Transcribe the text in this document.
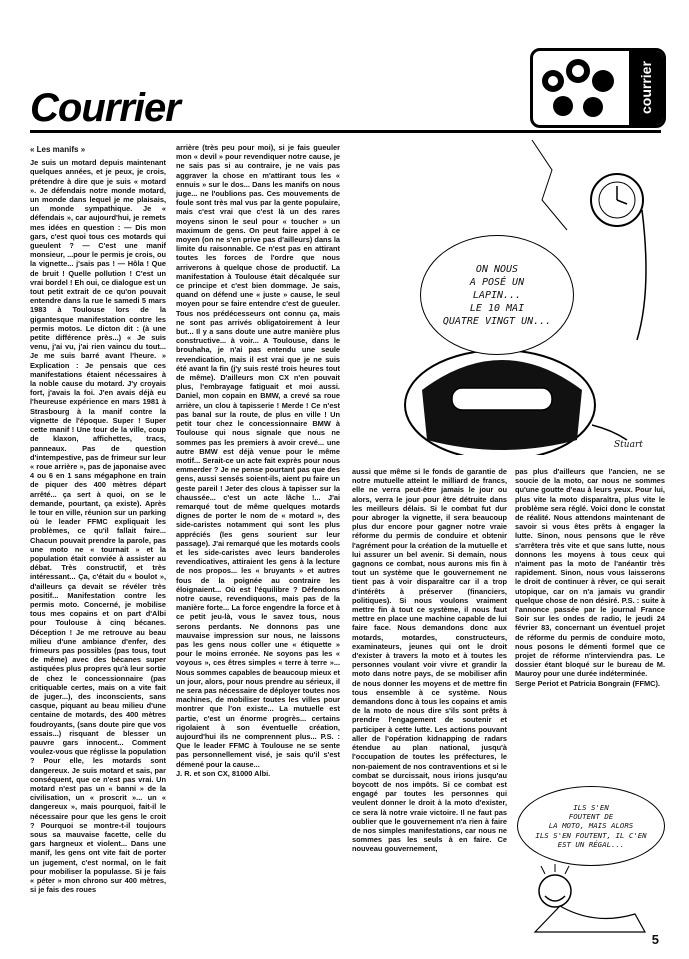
courrier
Courrier
« Les manifs »

Je suis un motard depuis maintenant quelques années, et je peux, je crois, prétendre à dire que je suis « motard ». Je défendais notre monde motard, un monde dans lequel je me plaisais, un monde sympathique. Je « défendais », car aujourd'hui, je remets mes idées en question : — Dis mon gars, c'est quoi tous ces motards qui gueulent ? — C'est une manif monsieur, ...pour le permis je crois, ou la vignette... j'sais pas ! — Hôla ! Que de bruit ! Quelle pollution ! C'est un vrai bordel ! Eh oui, ce dialogue est un tout petit extrait de ce qu'on pouvait entendre dans la rue le samedi 5 mars 1983 à Toulouse lors de la gigantesque manifestation contre les permis motos. Le dicton dit : (à une petite différence près...) « Je suis venu, j'ai vu, j'ai rien vaincu du tout... Je me suis barré avant l'heure. » Explication : Je pensais que ces manifestations étaient nécessaires à la noble cause du motard. J'y croyais fort, j'avais la foi. J'en avais déjà eu l'heureuse expérience en mars 1981 à Strasbourg à la manif contre la vignette de l'époque. Super ! Super cette manif ! Une tour de la ville, coup de klaxon, affichettes, tracs, panneaux. Pas de question d'intempestive, pas de frimeur sur leur « roue arrière », pas de japonaise avec 4 ou 6 en 1 sans mégaphone en train de piquer des 400 mètres départ arrêté... ça sert à quoi, on se le demande, pourtant, ça existe). Après le tour en ville, réunion sur un parking où le leader FFMC expliquait les problèmes, ce qu'il fallait faire... Chacun pouvait prendre la parole, pas une moto ne « tournait » et la population était conviée à assister au débat. Très constructif, et très intéressant... Ça, c'était du « boulot », d'ailleurs ça devait se révéler très positif... Manifestation contre les permis moto. Concerné, je mobilise tous mes copains et on part d'Albi pour Toulouse à cinq bécanes. Déception ! Je me retrouve au beau milieu d'une ambiance d'enfer, des frimeurs pas possibles (pas tous, tout de même) avec des bécanes super astiquées plus propres qu'à leur sortie de chez le concessionnaire (pas critiquable certes, mais on a vite fait de juger...), des inconscients, sans casque, piquant au beau milieu d'une centaine de motards, des 400 mètres foudroyants, (sans doute pire que vos essais...) risquant de blesser un pauvre gars innocent... Comment voulez-vous que réglisse la population ? Pour elle, les motards sont dangereux. Je suis motard et sais, par conséquent, que ce n'est pas vrai. Un motard n'est pas un « banni » de la civilisation, un « proscrit »... un « dangereux », mais pourquoi, fait-il le nécessaire pour que les gens le croit ? Pourquoi se montre-t-il toujours sous sa mauvaise facette, celle du gars hargneux et violent... Dans une manif, les gens ont vite fait de porter un jugement, c'est normal, on le fait pour mobiliser la populasse. Si je fais « péter » mon chrono sur 400 mètres, si je fais des roues

arrière (très peu pour moi), si je fais gueuler mon « devil » pour revendiquer notre cause, je ne sais pas si au contraire, je ne vais pas aggraver la chose en m'attirant tous les « ennuis » sur le dos... Dans les manifs on nous juge... ne l'oublions pas. Ces mouvements de foule sont très mal vus par la gente populaire, mais c'est vrai que c'est là un des rares moyens sinon le seul pour « toucher » un maximum de gens. On peut faire appel à ce moyen (on ne s'en prive pas d'ailleurs) dans la limite du raisonnable. Ce n'est pas en attirant toutes les forces de l'ordre que nous arriverons à quelque chose de productif. La manifestation à Toulouse était décalquée sur ce principe et c'est bien dommage. Je sais, quand on défend une « juste » cause, le seul moyen pour se faire entendre c'est de gueuler. Tous nos prédécesseurs ont connu ça, mais ne sont pas arrivés obligatoirement à leur but... Il y a sans doute une autre manière plus constructive... à voir... A Toulouse, dans le brouhaha, je n'ai pas entendu une seule revendication, mais il est vrai que je ne suis été avant la fin (j'y suis resté trois heures tout de même). D'ailleurs mon CX n'en pouvait plus, l'embrayage fatiguait et moi aussi. Daniel, mon copain en BMW, a crevé sa roue arrière, un clou à tapisserie ! Merde ! Ce n'est pas banal sur la route, de plus en ville ! Un petit tour chez le concessionnaire BMW à Toulouse qui nous signale que nous ne sommes pas les premiers à avoir crevé... une autre BMW est déjà venue pour le même motif... Serait-ce un acte fait exprès pour nous emmerder ? Je ne pense pourtant pas que des gens, aussi sensés soient-ils, aient pu faire un geste pareil ! Jeter des clous à tapisser sur la chaussée... c'est un acte lâche !... J'ai remarqué tout de même quelques motards dignes de porter le nom de « motard », des side-caristes notamment qui sont les plus appréciés (les gens sourient sur leur passage). J'ai remarqué que les motards cools et les side-caristes avec leurs banderoles revendicatives, attiraient les gens à la lecture de nos propos... les « bruyants » et autres fous de la poignée au contraire les éloignaient... Où est l'équilibre ? Défendons notre cause, revendiquons, mais pas de la manière forte... La force engendre la force et à ce petit jeu-là, vous le savez tous, nous serons perdants. Ne donnons pas une mauvaise impression sur nous, ne laissons pas les gens nous coller une « étiquette » pour le moins erronée. Ne soyons pas les « voyous », ces êtres simples « terre à terre »... Nous sommes capables de beaucoup mieux et un jour, alors, pour nous prendre au sérieux, il ne sera pas nécessaire de déployer toutes nos machines, de mobiliser toutes les villes pour montrer que l'on existe... La mutuelle est partie, c'est un énorme progrès... certains rigolaient à son éventuelle création, aujourd'hui ils ne comprennent plus... P.S. : Que le leader FFMC à Toulouse ne se sente pas personnellement visé, je sais qu'il s'est démené pour la cause...

J. R. et son CX, 81000 Albi.

ON NOUS
A POSÉ UN
LAPIN...
LE 10 MAI
QUATRE VINGT UN...
Stuart

aussi que même si le fonds de garantie de notre mutuelle atteint le milliard de francs, elle ne verra peut-être jamais le jour ou alors, verra le jour pour être détruite dans les meilleurs délais. Si le combat fut dur pour abroger la vignette, il sera beaucoup plus dur encore pour gagner notre vraie réforme du permis de conduire et obtenir l'agrément pour la création de la mutuelle et lui assurer un bel avenir. Si demain, nous gagnons ce combat, nous aurons mis fin à tout un système que le gouvernement ne tient pas à voir disparaître car il a trop d'intérêts à préserver (financiers, politiques). Si nous voulons vraiment mettre fin à tout ce système, il nous faut mettre en place une machine capable de lui faire face. Nous demandons donc aux motards, motardes, constructeurs, examinateurs, jeunes qui ont le droit d'exister à travers la moto et à toutes les personnes voulant voir vivre et grandir la moto dans notre pays, de se mobiliser afin de nous donner les moyens et de mettre fin tous ensemble à ce système. Nous demandons donc à tous les copains et amis de la moto de nous dire s'ils sont prêts à prendre l'engagement de soutenir et participer à cette lutte. Les actions pouvant aller de l'opération kidnapping de radars étendue au plan national, jusqu'à l'occupation de toutes les préfectures, le non-paiement de nos contraventions et si le combat se durcissait, nous irions jusqu'au boycott de nos impôts. Si ce combat est engagé par toutes les personnes qui veulent donner le droit à la moto d'exister, ce sera là notre vraie victoire. Il ne faut pas oublier que le gouvernement n'a rien à faire de nos simples manifestations, car nous ne sommes pas les seuls à en faire. Ce nouveau gouvernement,

pas plus d'ailleurs que l'ancien, ne se soucie de la moto, car nous ne sommes qu'une goutte d'eau à leurs yeux. Pour lui, plus vite la moto disparaîtra, plus vite le problème sera réglé. Voici donc le constat de réalité. Nous attendons maintenant de savoir si vous êtes prêts à engager la lutte. Sinon, nous pensons que le rêve s'arrêtera très vite et que sans lutte, nous donnons les moyens à tous ceux qui n'aiment pas la moto de l'anéantir très rapidement. Sinon, nous vous laisserons le droit de continuer à rêver, ce qui serait utopique, car on n'a jamais vu grandir quelque chose de non désiré. P.S. : suite à l'annonce passée par le journal France Soir sur les ondes de radio, le jeudi 24 février 83, concernant un éventuel projet de réforme du permis de conduire moto, nous posons le démenti formel que ce projet de réforme n'interviendra pas. Le dossier étant bloqué sur le bureau de M. Mauroy pour une durée indéterminée.

Serge Periot et Patricia Bongrain (FFMC).

ILS S'EN
FOUTENT DE
LA MOTO, MAIS ALORS
ILS S'EN FOUTENT, IL C'EN
EST UN RÉGAL...
5
